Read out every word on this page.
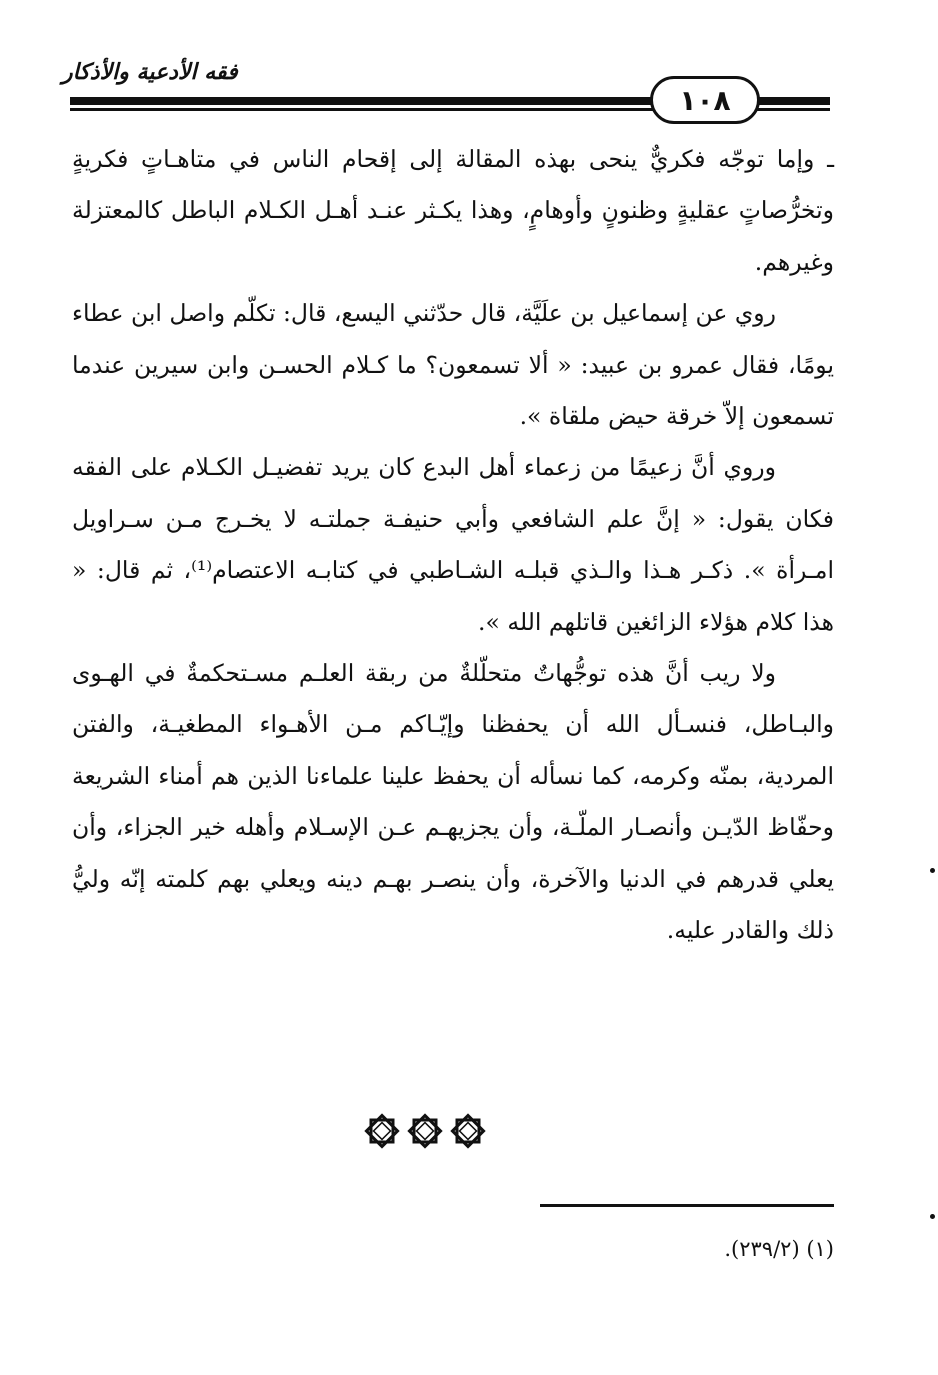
فقه الأدعية والأذكار
١٠٨

ـ وإما توجّه فكريٌّ ينحى بهذه المقالة إلى إقحام الناس في متاهـاتٍ فكريةٍ وتخرُّصاتٍ عقليةٍ وظنونٍ وأوهامٍ، وهذا يكـثر عنـد أهـل الكـلام الباطل كالمعتزلة وغيرهم.

روي عن إسماعيل بن علَيَّة، قال حدّثني اليسع، قال: تكلّم واصل ابن عطاء يومًا، فقال عمرو بن عبيد: « ألا تسمعون؟ ما كـلام الحسـن وابن سيرين عندما تسمعون إلاّ خرقة حيض ملقاة ».

وروي أنَّ زعيمًا من زعماء أهل البدع كان يريد تفضيـل الكـلام على الفقه فكان يقول: « إنَّ علم الشافعي وأبي حنيفـة جملتـه لا يخـرج مـن سـراويل امـرأة ». ذكـر هـذا والـذي قبلـه الشـاطبي في كتابـه الاعتصام⁽¹⁾، ثم قال: « هذا كلام هؤلاء الزائغين قاتلهم الله ».

ولا ريب أنَّ هذه توجُّهاتٌ متحلّلةٌ من ربقة العلـم مسـتحكمةٌ في الهـوى والبـاطل، فنسـأل الله أن يحفظنا وإيّـاكم مـن الأهـواء المطغيـة، والفتن المردية، بمنّه وكرمه، كما نسأله أن يحفظ علينا علماءنا الذين هم أمناء الشريعة وحفّاظ الدّيـن وأنصـار الملّـة، وأن يجزيهـم عـن الإسـلام وأهله خير الجزاء، وأن يعلي قدرهم في الدنيا والآخرة، وأن ينصـر بهـم دينه ويعلي بهم كلمته إنّه وليُّ ذلك والقادر عليه.

(١) (٢٣٩/٢).
